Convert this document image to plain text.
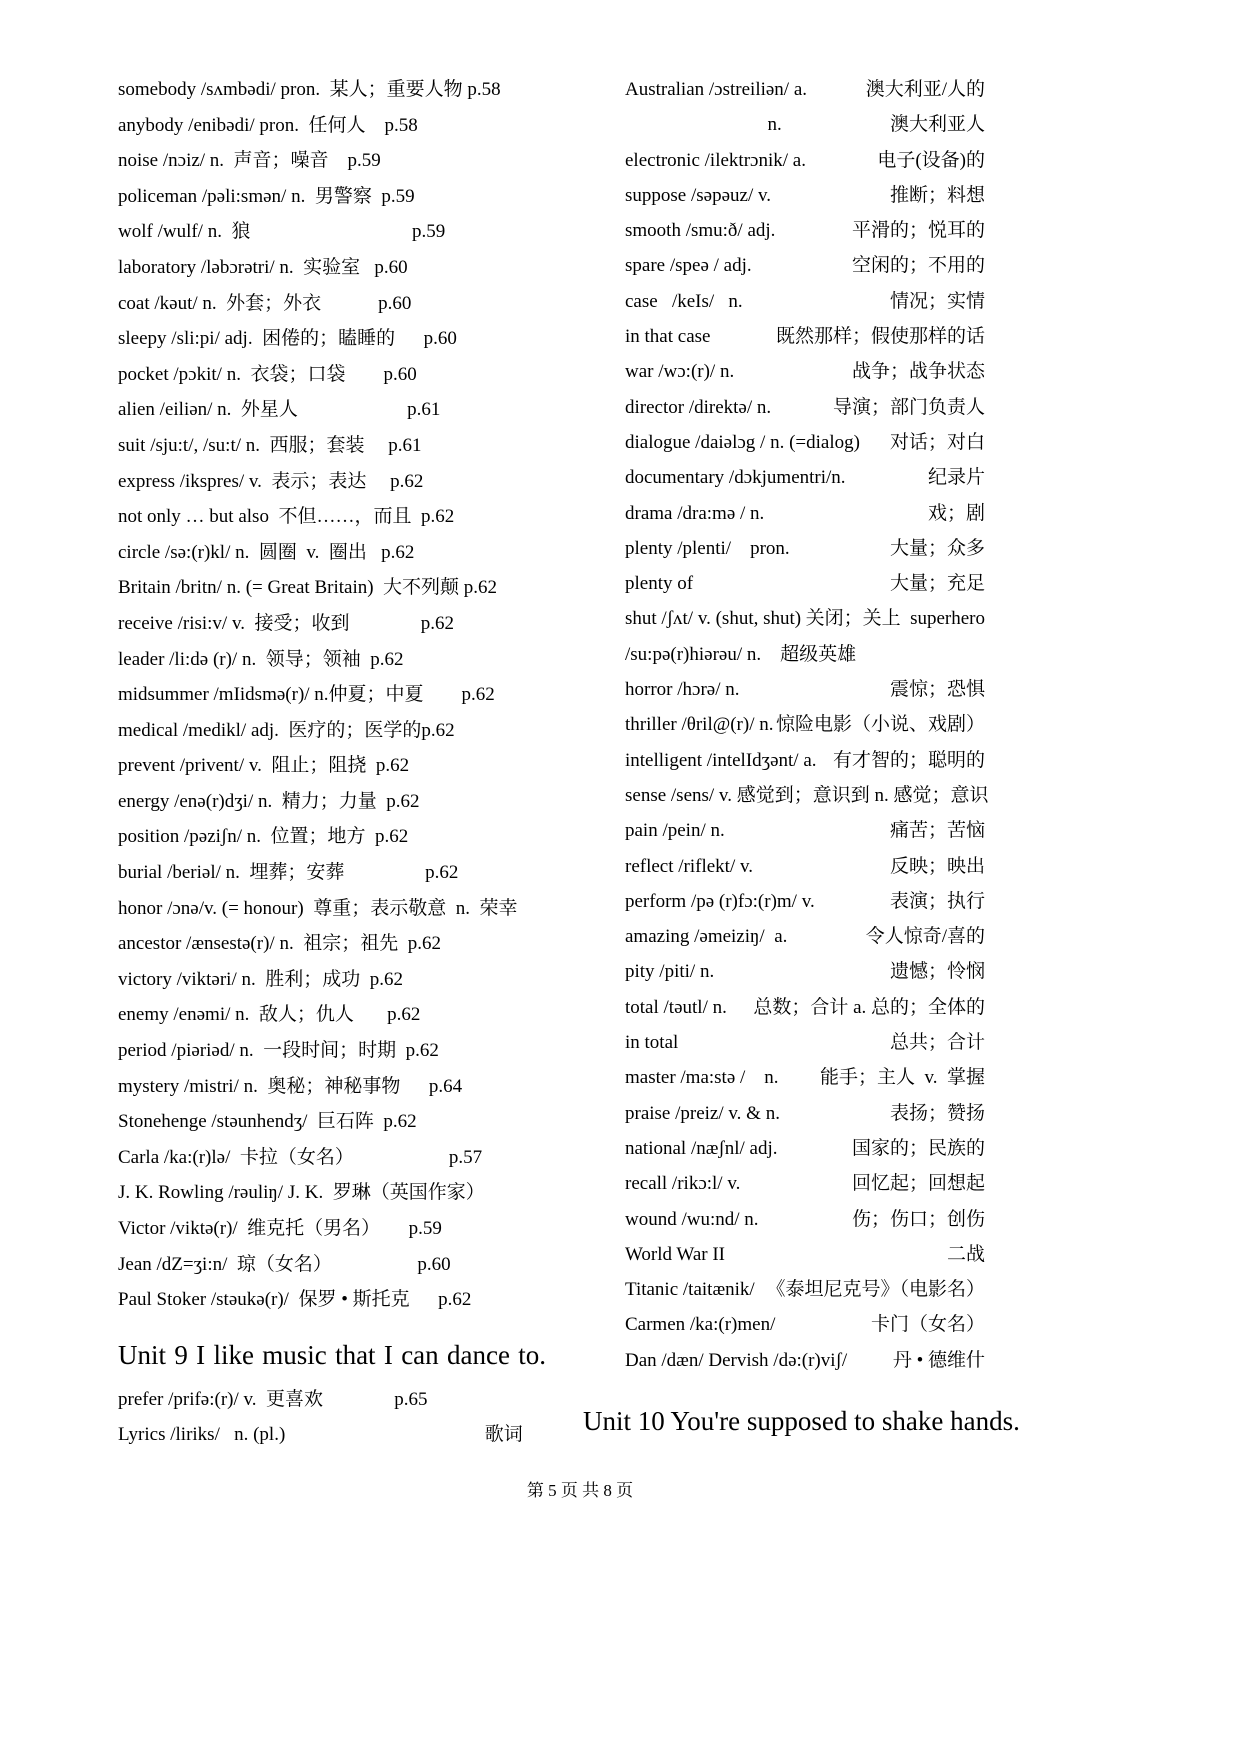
somebody /sʌmbədi/ pron.  某人；重要人物 p.58
anybody /enibədi/ pron.  任何人    p.58
noise /nɔiz/ n.  声音；噪音    p.59
policeman /pəli:smən/ n.  男警察  p.59
wolf /wulf/ n.  狼                                  p.59
laboratory /ləbɔrətri/ n.  实验室   p.60
coat /kəut/ n.  外套；外衣            p.60
sleepy /sli:pi/ adj.  困倦的；瞌睡的      p.60
pocket /pɔkit/ n.  衣袋；口袋        p.60
alien /eiliən/ n.  外星人                       p.61
suit /sju:t/, /su:t/ n.  西服；套装     p.61
express /ikspres/ v.  表示；表达     p.62
not only … but also  不但……，而且  p.62
circle /sə:(r)kl/ n.  圆圈  v.  圈出   p.62
Britain /britn/ n. (= Great Britain)  大不列颠 p.62
receive /risi:v/ v.  接受；收到               p.62
leader /li:də (r)/ n.  领导；领袖  p.62
midsummer /mIidsmə(r)/ n.仲夏；中夏        p.62
medical /medikl/ adj.  医疗的；医学的p.62
prevent /privent/ v.  阻止；阻挠  p.62
energy /enə(r)dʒi/ n.  精力；力量  p.62
position /pəziʃn/ n.  位置；地方  p.62
burial /beriəl/ n.  埋葬；安葬                 p.62
honor /ɔnə/v. (= honour)  尊重；表示敬意  n.  荣幸
ancestor /ænsestə(r)/ n.  祖宗；祖先  p.62
victory /viktəri/ n.  胜利；成功  p.62
enemy /enəmi/ n.  敌人；仇人       p.62
period /piəriəd/ n.  一段时间；时期  p.62
mystery /mistri/ n.  奥秘；神秘事物      p.64
Stonehenge /stəunhendʒ/  巨石阵  p.62
Carla /ka:(r)lə/  卡拉（女名）                    p.57
J. K. Rowling /rəuliŋ/ J. K.  罗琳（英国作家）
Victor /viktə(r)/  维克托（男名）      p.59
Jean /dZ=ʒi:n/  琼（女名）                  p.60
Paul Stoker /stəukə(r)/  保罗 • 斯托克      p.62
Unit 9 I like music that I can dance to.
prefer /prifə:(r)/ v.  更喜欢               p.65
Lyrics /liriks/   n. (pl.)                                          歌词
Australian /ɔstreiliən/ a.	澳大利亚/人的
n.	澳大利亚人
electronic /ilektrɔnik/ a.	电子(设备)的
suppose /səpəuz/ v.	推断；料想
smooth /smu:ð/ adj.	平滑的；悦耳的
spare /speə / adj.	空闲的；不用的
case   /keIs/   n.	情况；实情
in that case	既然那样；假使那样的话
war /wɔ:(r)/ n.	战争；战争状态
director /direktə/ n.	导演；部门负责人
dialogue /daiəlɔg / n. (=dialog) 对话；对白
documentary /dɔkjumentri/n.	纪录片
drama /dra:mə / n.	戏；剧
plenty /plenti/    pron.	大量；众多
plenty of	大量；充足
shut /ʃʌt/ v. (shut, shut) 关闭；关上  superhero
/su:pə(r)hiərəu/ n.    超级英雄
horror /hɔrə/ n.	震惊；恐惧
thriller /θril@(r)/ n. 惊险电影（小说、戏剧）
intelligent /intelIdʒənt/ a. 有才智的；聪明的
sense /sens/ v. 感觉到；意识到 n. 感觉；意识
pain /pein/ n.	痛苦；苦恼
reflect /riflekt/ v.	反映；映出
perform /pə (r)fɔ:(r)m/ v.	表演；执行
amazing /əmeiziŋ/  a.	令人惊奇/喜的
pity /piti/ n.	遗憾；怜悯
total /təutl/ n. 总数；合计 a. 总的；全体的
in total	总共；合计
master /ma:stə /    n. 能手；主人  v.  掌握
praise /preiz/ v. & n.	表扬；赞扬
national /næʃnl/ adj.	国家的；民族的
recall /rikɔ:l/ v.	回忆起；回想起
wound /wu:nd/ n.	伤；伤口；创伤
World War II	二战
Titanic /taitænik/ 《泰坦尼克号》（电影名）
Carmen /ka:(r)men/	卡门（女名）
Dan /dæn/ Dervish /də:(r)viʃ/ 丹 • 德维什
Unit 10 You're supposed to shake hands.
第 5 页 共 8 页
